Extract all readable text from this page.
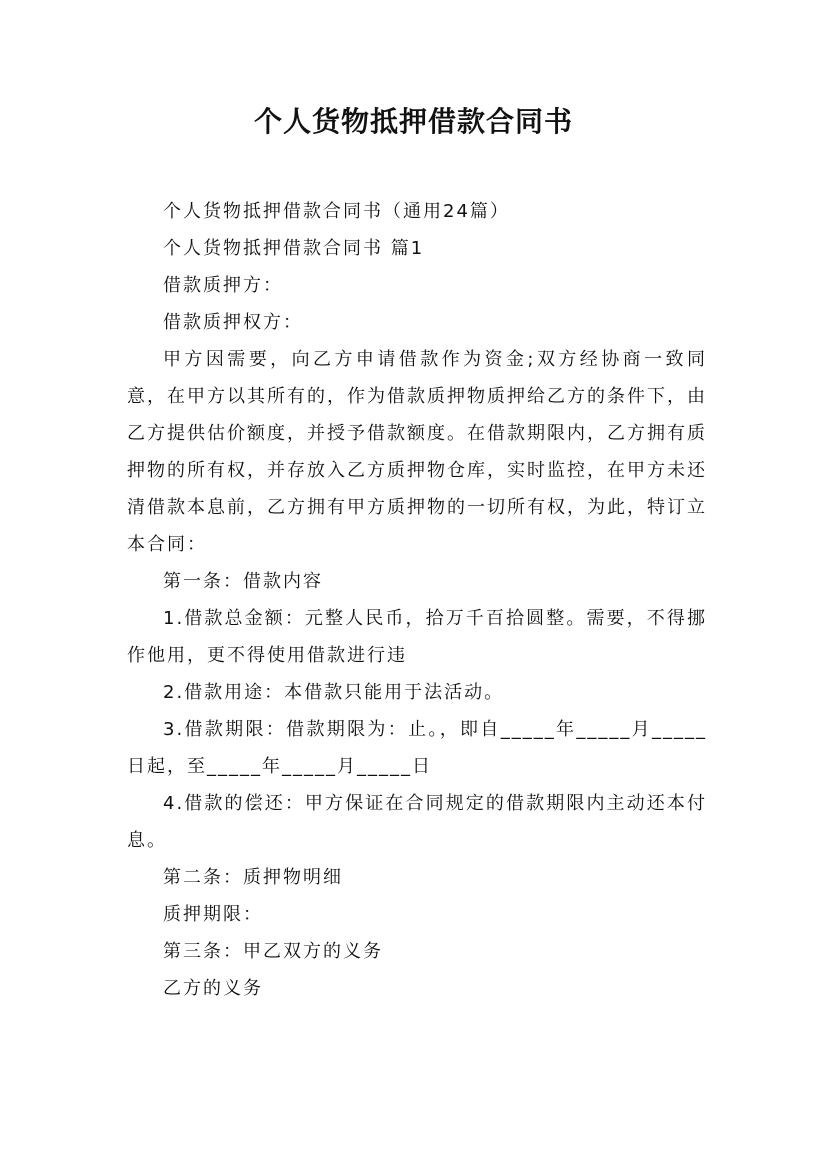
个人货物抵押借款合同书

个人货物抵押借款合同书（通用24篇）

个人货物抵押借款合同书 篇1

借款质押方：

借款质押权方：

甲方因需要，向乙方申请借款作为资金;双方经协商一致同意，在甲方以其所有的，作为借款质押物质押给乙方的条件下，由乙方提供估价额度，并授予借款额度。在借款期限内，乙方拥有质押物的所有权，并存放入乙方质押物仓库，实时监控，在甲方未还清借款本息前，乙方拥有甲方质押物的一切所有权，为此，特订立本合同：

第一条：借款内容

1.借款总金额：元整人民币，拾万千百拾圆整。需要，不得挪作他用，更不得使用借款进行违

2.借款用途：本借款只能用于法活动。

3.借款期限：借款期限为：止。，即自_____年_____月_____日起，至_____年_____月_____日

4.借款的偿还：甲方保证在合同规定的借款期限内主动还本付息。

第二条：质押物明细

质押期限：

第三条：甲乙双方的义务

乙方的义务
